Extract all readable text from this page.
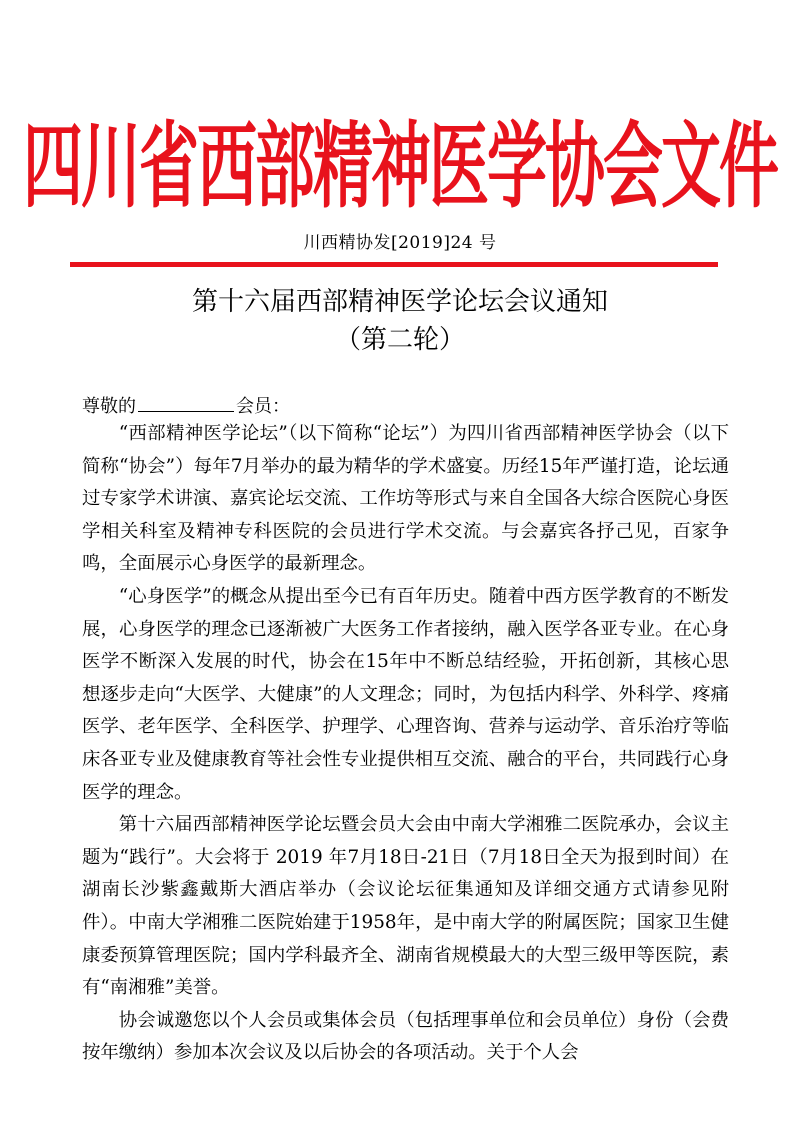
四川省西部精神医学协会文件
川西精协发[2019]24 号
第十六届西部精神医学论坛会议通知
（第二轮）
尊敬的	会员：

“西部精神医学论坛”（以下简称“论坛”）为四川省西部精神医学协会（以下简称“协会”）每年7月举办的最为精华的学术盛宴。历经15年严谨打造，论坛通过专家学术讲演、嘉宾论坛交流、工作坊等形式与来自全国各大综合医院心身医学相关科室及精神专科医院的会员进行学术交流。与会嘉宾各抒己见，百家争鸣，全面展示心身医学的最新理念。

“心身医学”的概念从提出至今已有百年历史。随着中西方医学教育的不断发展，心身医学的理念已逐渐被广大医务工作者接纳，融入医学各亚专业。在心身医学不断深入发展的时代，协会在15年中不断总结经验，开拓创新，其核心思想逐步走向“大医学、大健康”的人文理念；同时，为包括内科学、外科学、疼痛医学、老年医学、全科医学、护理学、心理咨询、营养与运动学、音乐治疗等临床各亚专业及健康教育等社会性专业提供相互交流、融合的平台，共同践行心身医学的理念。

第十六届西部精神医学论坛暨会员大会由中南大学湘雅二医院承办，会议主题为“践行”。大会将于 2019 年7月18日-21日（7月18日全天为报到时间）在湖南长沙紫鑫戴斯大酒店举办（会议论坛征集通知及详细交通方式请参见附件）。中南大学湘雅二医院始建于1958年，是中南大学的附属医院；国家卫生健康委预算管理医院；国内学科最齐全、湖南省规模最大的大型三级甲等医院，素有“南湘雅”美誉。

协会诚邀您以个人会员或集体会员（包括理事单位和会员单位）身份（会费按年缴纳）参加本次会议及以后协会的各项活动。关于个人会
